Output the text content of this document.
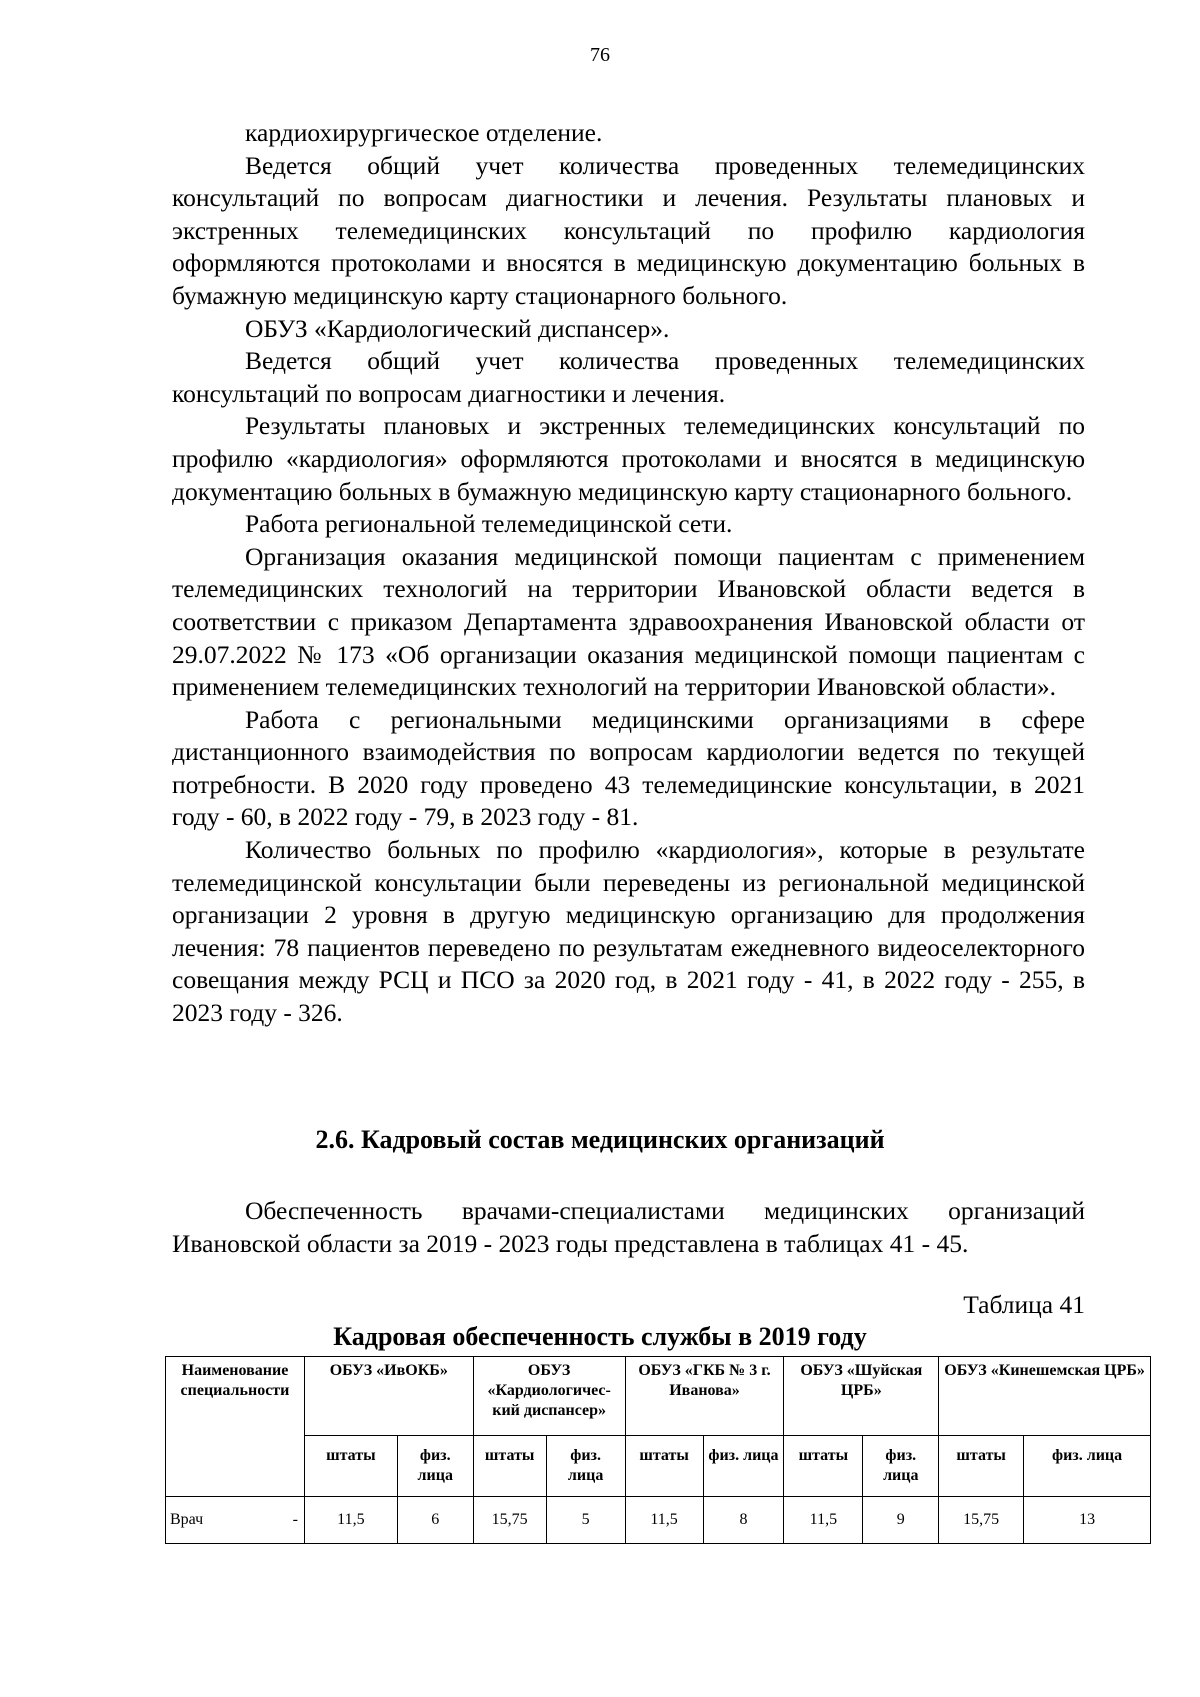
76

кардиохирургическое отделение.

Ведется общий учет количества проведенных телемедицинских консультаций по вопросам диагностики и лечения. Результаты плановых и экстренных телемедицинских консультаций по профилю кардиология оформляются протоколами и вносятся в медицинскую документацию больных в бумажную медицинскую карту стационарного больного.

ОБУЗ «Кардиологический диспансер».

Ведется общий учет количества проведенных телемедицинских консультаций по вопросам диагностики и лечения.

Результаты плановых и экстренных телемедицинских консультаций по профилю «кардиология» оформляются протоколами и вносятся в медицинскую документацию больных в бумажную медицинскую карту стационарного больного.

Работа региональной телемедицинской сети.

Организация оказания медицинской помощи пациентам с применением телемедицинских технологий на территории Ивановской области ведется в соответствии с приказом Департамента здравоохранения Ивановской области от 29.07.2022 № 173 «Об организации оказания медицинской помощи пациентам с применением телемедицинских технологий на территории Ивановской области».

Работа с региональными медицинскими организациями в сфере дистанционного взаимодействия по вопросам кардиологии ведется по текущей потребности. В 2020 году проведено 43 телемедицинские консультации, в 2021 году - 60, в 2022 году - 79, в 2023 году - 81.

Количество больных по профилю «кардиология», которые в результате телемедицинской консультации были переведены из региональной медицинской организации 2 уровня в другую медицинскую организацию для продолжения лечения: 78 пациентов переведено по результатам ежедневного видеоселекторного совещания между РСЦ и ПСО за 2020 год, в 2021 году - 41, в 2022 году - 255, в 2023 году - 326.

2.6. Кадровый состав медицинских организаций

Обеспеченность врачами-специалистами медицинских организаций Ивановской области за 2019 - 2023 годы представлена в таблицах 41 - 45.

Таблица 41

Кадровая обеспеченность службы в 2019 году

Наименование специальности	ОБУЗ «ИвОКБ»		ОБУЗ «Кардиологичес-кий диспансер»		ОБУЗ «ГКБ № 3 г. Иванова»		ОБУЗ «Шуйская ЦРБ»		ОБУЗ «Кинешемская ЦРБ»	
	штаты	физ. лица	штаты	физ. лица	штаты	физ. лица	штаты	физ. лица	штаты	физ. лица
Врач -	11,5	6	15,75	5	11,5	8	11,5	9	15,75	13
